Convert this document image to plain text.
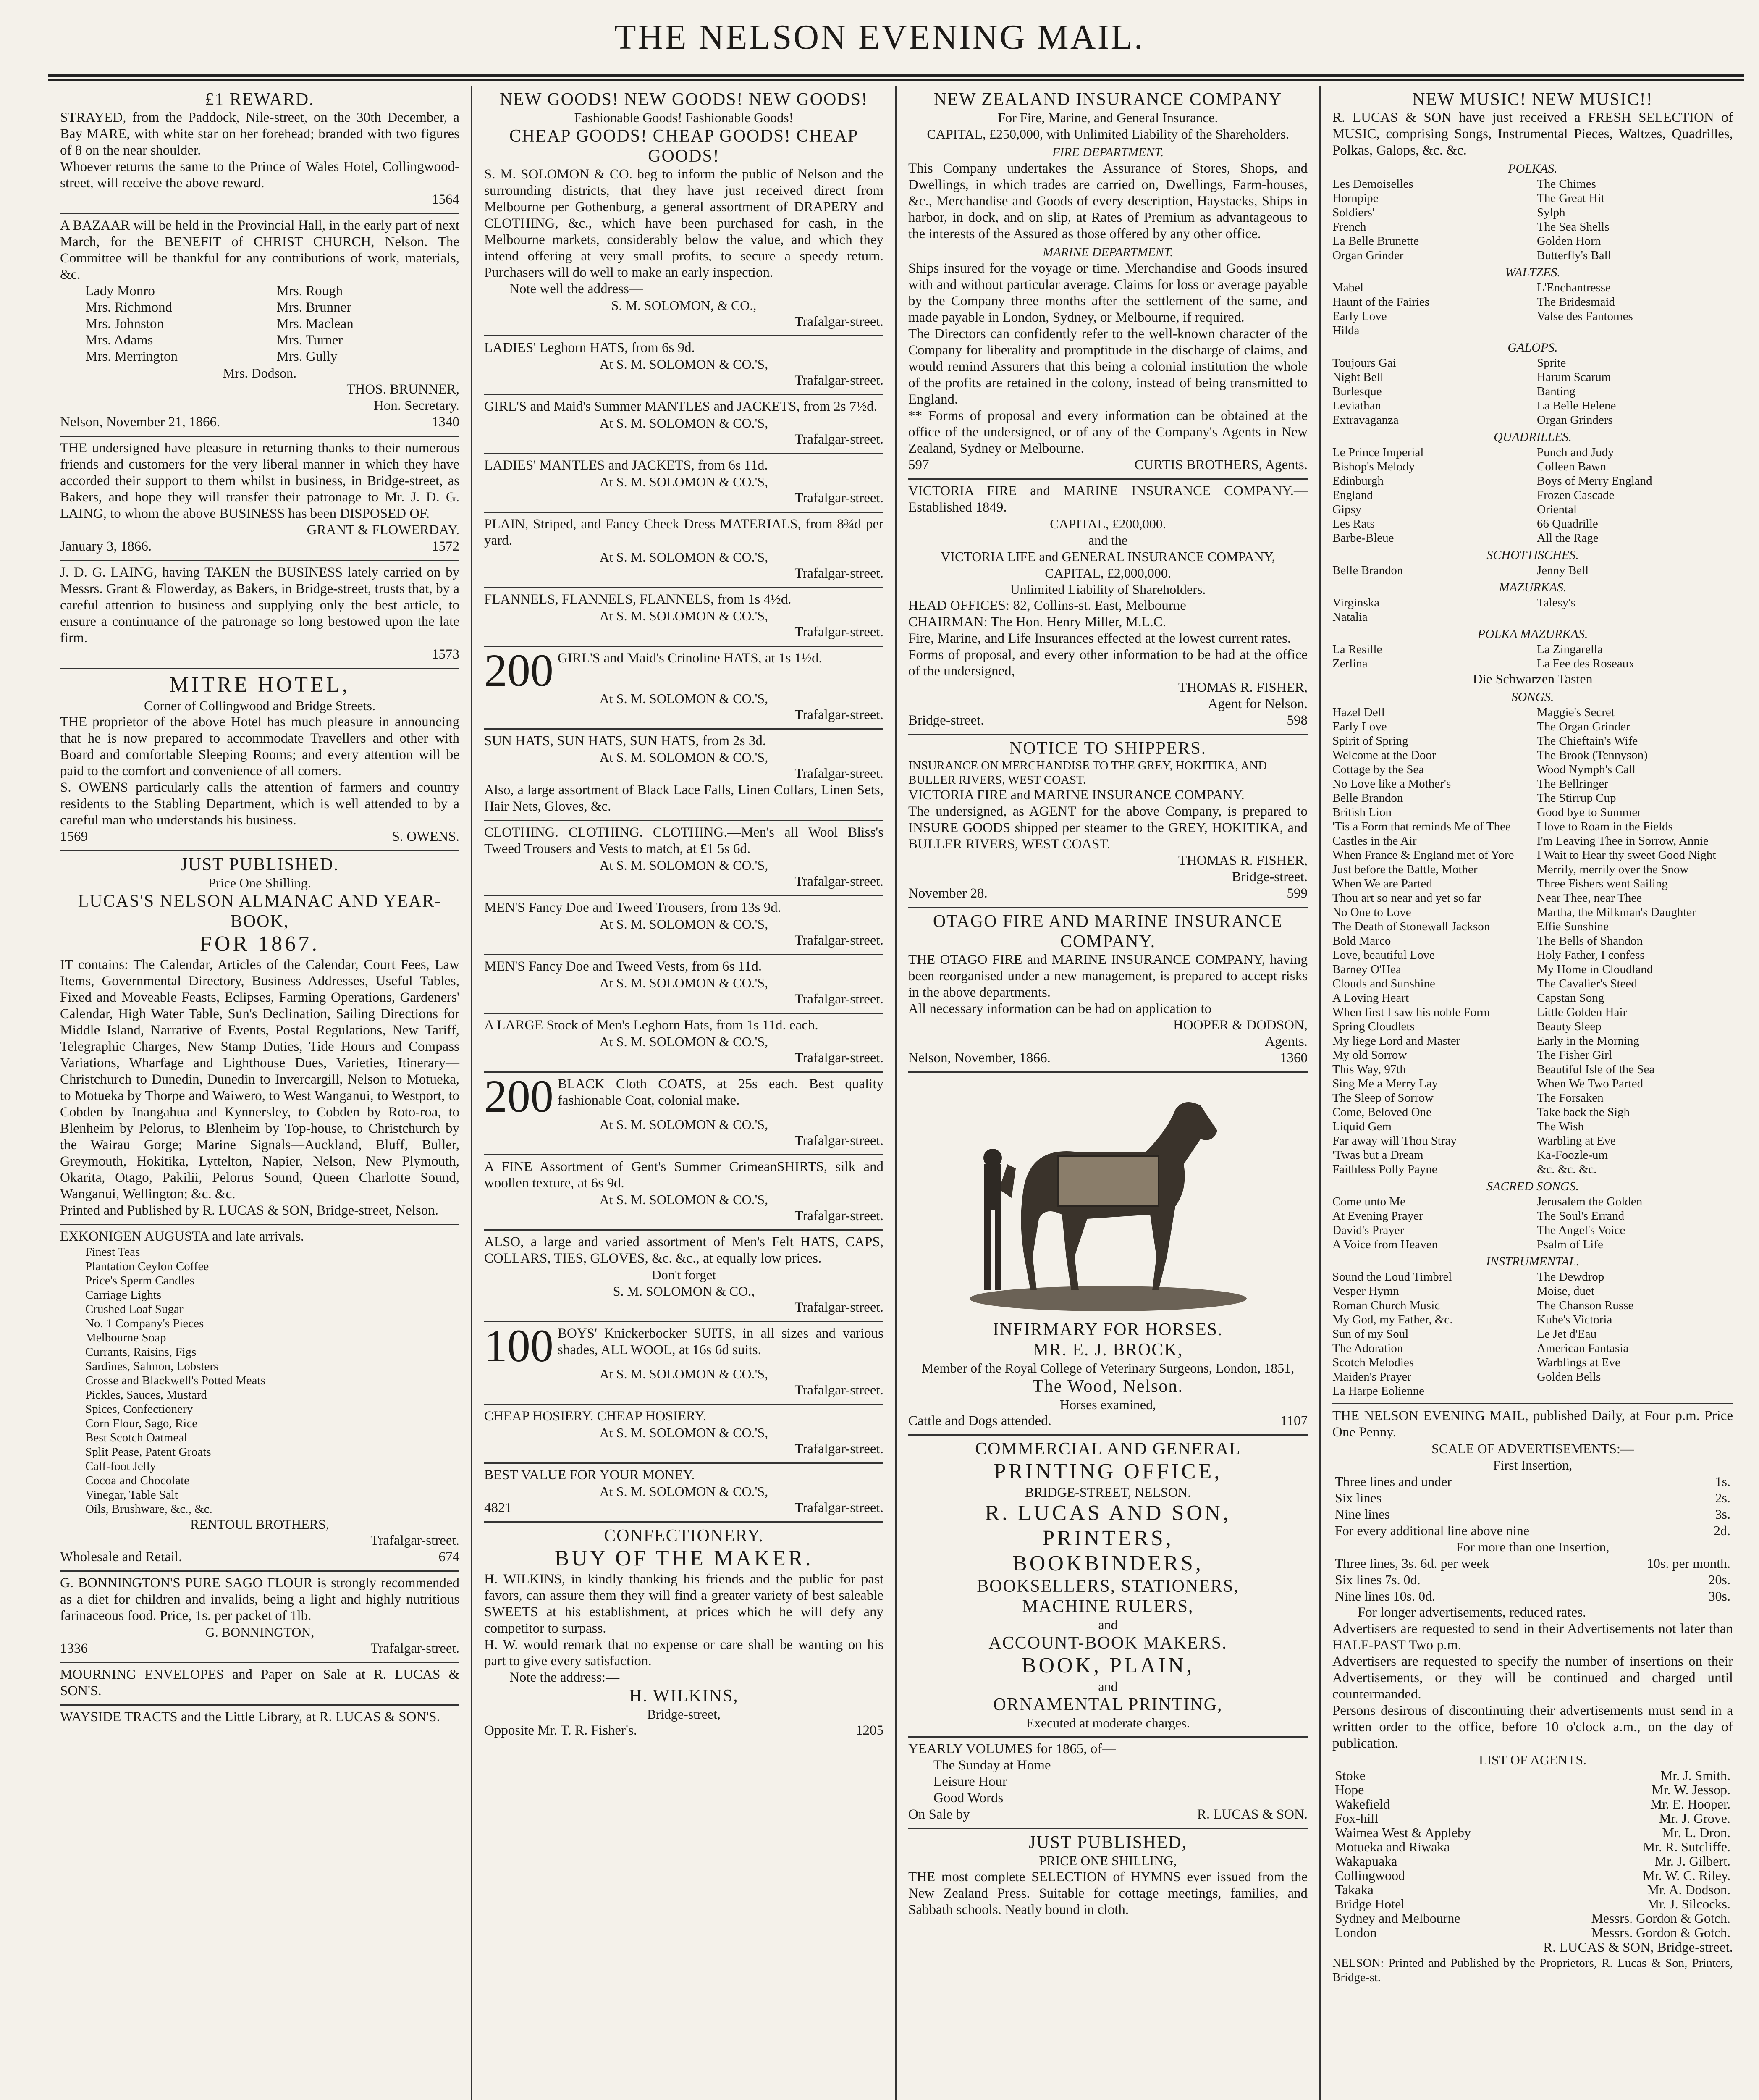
THE NELSON EVENING MAIL.
£1 REWARD.
STRAYED, from the Paddock, Nile-street, on the 30th December, a Bay MARE, with white star on her forehead; branded with two figures of 8 on the near shoulder.
Whoever returns the same to the Prince of Wales Hotel, Collingwood-street, will receive the above reward.
1564
A BAZAAR will be held in the Provincial Hall, in the early part of next March, for the BENEFIT of CHRIST CHURCH, Nelson. The Committee will be thankful for any contributions of work, materials, &c.
Lady Monro	Mrs. Rough
Mrs. Richmond	Mrs. Brunner
Mrs. Johnston	Mrs. Maclean
Mrs. Adams	Mrs. Turner
Mrs. Merrington	Mrs. Gully
Mrs. Dodson.
THOS. BRUNNER,
Hon. Secretary.
Nelson, November 21, 1866.	1340
THE undersigned have pleasure in returning thanks to their numerous friends and customers for the very liberal manner in which they have accorded their support to them whilst in business, in Bridge-street, as Bakers, and hope they will transfer their patronage to Mr. J. D. G. LAING, to whom the above BUSINESS has been DISPOSED OF.
GRANT & FLOWERDAY.
January 3, 1866.	1572
J. D. G. LAING, having TAKEN the BUSINESS lately carried on by Messrs. Grant & Flowerday, as Bakers, in Bridge-street, trusts that, by a careful attention to business and supplying only the best article, to ensure a continuance of the patronage so long bestowed upon the late firm.
1573
MITRE HOTEL,
Corner of Collingwood and Bridge Streets.
THE proprietor of the above Hotel has much pleasure in announcing that he is now prepared to accommodate Travellers and other with Board and comfortable Sleeping Rooms; and every attention will be paid to the comfort and convenience of all comers.
S. OWENS particularly calls the attention of farmers and country residents to the Stabling Department, which is well attended to by a careful man who understands his business.
1569	S. OWENS.
JUST PUBLISHED.
Price One Shilling.
LUCAS'S NELSON ALMANAC AND YEAR-BOOK,
FOR 1867.
IT contains: The Calendar, Articles of the Calendar, Court Fees, Law Items, Governmental Directory, Business Addresses, Useful Tables, Fixed and Moveable Feasts, Eclipses, Farming Operations, Gardeners' Calendar, High Water Table, Sun's Declination, Sailing Directions for Middle Island, Narrative of Events, Postal Regulations, New Tariff, Telegraphic Charges, New Stamp Duties, Tide Hours and Compass Variations, Wharfage and Lighthouse Dues, Varieties, Itinerary—Christchurch to Dunedin, Dunedin to Invercargill, Nelson to Motueka, to Motueka by Thorpe and Waiwero, to West Wanganui, to Westport, to Cobden by Inangahua and Kynnersley, to Cobden by Roto-roa, to Blenheim by Pelorus, to Blenheim by Top-house, to Christchurch by the Wairau Gorge; Marine Signals—Auckland, Bluff, Buller, Greymouth, Hokitika, Lyttelton, Napier, Nelson, New Plymouth, Okarita, Otago, Pakilii, Pelorus Sound, Queen Charlotte Sound, Wanganui, Wellington; &c. &c.
Printed and Published by R. LUCAS & SON, Bridge-street, Nelson.
EXKONIGEN AUGUSTA and late arrivals.
Finest Teas
Plantation Ceylon Coffee
Price's Sperm Candles
Carriage Lights
Crushed Loaf Sugar
No. 1 Company's Pieces
Melbourne Soap
Currants, Raisins, Figs
Sardines, Salmon, Lobsters
Crosse and Blackwell's Potted Meats
Pickles, Sauces, Mustard
Spices, Confectionery
Corn Flour, Sago, Rice
Best Scotch Oatmeal
Split Pease, Patent Groats
Calf-foot Jelly
Cocoa and Chocolate
Vinegar, Table Salt
Oils, Brushware, &c., &c.
RENTOUL BROTHERS,
Trafalgar-street.
Wholesale and Retail.	674
G. BONNINGTON'S PURE SAGO FLOUR is strongly recommended as a diet for children and invalids, being a light and highly nutritious farinaceous food. Price, 1s. per packet of 1lb.
G. BONNINGTON,
1336	Trafalgar-street.
MOURNING ENVELOPES and Paper on Sale at R. LUCAS & SON'S.
WAYSIDE TRACTS and the Little Library, at R. LUCAS & SON'S.
NEW GOODS! NEW GOODS! NEW GOODS!
Fashionable Goods! Fashionable Goods!
CHEAP GOODS! CHEAP GOODS! CHEAP GOODS!
S. M. SOLOMON & CO. beg to inform the public of Nelson and the surrounding districts, that they have just received direct from Melbourne per Gothenburg, a general assortment of DRAPERY and CLOTHING, &c., which have been purchased for cash, in the Melbourne markets, considerably below the value, and which they intend offering at very small profits, to secure a speedy return. Purchasers will do well to make an early inspection.
Note well the address—
S. M. SOLOMON, & CO.,
Trafalgar-street.
LADIES' Leghorn HATS, from 6s 9d.
At S. M. SOLOMON & CO.'S,
Trafalgar-street.
GIRL'S and Maid's Summer MANTLES and JACKETS, from 2s 7½d.
At S. M. SOLOMON & CO.'S,
Trafalgar-street.
LADIES' MANTLES and JACKETS, from 6s 11d.
At S. M. SOLOMON & CO.'S,
Trafalgar-street.
PLAIN, Striped, and Fancy Check Dress MATERIALS, from 8¾d per yard.
At S. M. SOLOMON & CO.'S,
Trafalgar-street.
FLANNELS, FLANNELS, FLANNELS, from 1s 4½d.
At S. M. SOLOMON & CO.'S,
Trafalgar-street.
200 GIRL'S and Maid's Crinoline HATS, at 1s 1½d.
At S. M. SOLOMON & CO.'S,
Trafalgar-street.
SUN HATS, SUN HATS, SUN HATS, from 2s 3d.
At S. M. SOLOMON & CO.'S,
Trafalgar-street.
Also, a large assortment of Black Lace Falls, Linen Collars, Linen Sets, Hair Nets, Gloves, &c.
CLOTHING. CLOTHING. CLOTHING.—Men's all Wool Bliss's Tweed Trousers and Vests to match, at £1 5s 6d.
At S. M. SOLOMON & CO.'S,
Trafalgar-street.
MEN'S Fancy Doe and Tweed Trousers, from 13s 9d.
At S. M. SOLOMON & CO.'S,
Trafalgar-street.
MEN'S Fancy Doe and Tweed Vests, from 6s 11d.
At S. M. SOLOMON & CO.'S,
Trafalgar-street.
A LARGE Stock of Men's Leghorn Hats, from 1s 11d. each.
At S. M. SOLOMON & CO.'S,
Trafalgar-street.
200 BLACK Cloth COATS, at 25s each. Best quality fashionable Coat, colonial make.
At S. M. SOLOMON & CO.'S,
Trafalgar-street.
A FINE Assortment of Gent's Summer CrimeanSHIRTS, silk and woollen texture, at 6s 9d.
At S. M. SOLOMON & CO.'S,
Trafalgar-street.
ALSO, a large and varied assortment of Men's Felt HATS, CAPS, COLLARS, TIES, GLOVES, &c. &c., at equally low prices.
Don't forget
S. M. SOLOMON & CO.,
Trafalgar-street.
100 BOYS' Knickerbocker SUITS, in all sizes and various shades, ALL WOOL, at 16s 6d suits.
At S. M. SOLOMON & CO.'S,
Trafalgar-street.
CHEAP HOSIERY. CHEAP HOSIERY.
At S. M. SOLOMON & CO.'S,
Trafalgar-street.
BEST VALUE FOR YOUR MONEY.
At S. M. SOLOMON & CO.'S,
4821	Trafalgar-street.
CONFECTIONERY.
BUY OF THE MAKER.
H. WILKINS, in kindly thanking his friends and the public for past favors, can assure them they will find a greater variety of best saleable SWEETS at his establishment, at prices which he will defy any competitor to surpass.
H. W. would remark that no expense or care shall be wanting on his part to give every satisfaction.
Note the address:—
H. WILKINS,
Bridge-street,
Opposite Mr. T. R. Fisher's.	1205
NEW ZEALAND INSURANCE COMPANY
For Fire, Marine, and General Insurance.
CAPITAL, £250,000, with Unlimited Liability of the Shareholders.
FIRE DEPARTMENT.
This Company undertakes the Assurance of Stores, Shops, and Dwellings, in which trades are carried on, Dwellings, Farm-houses, &c., Merchandise and Goods of every description, Haystacks, Ships in harbor, in dock, and on slip, at Rates of Premium as advantageous to the interests of the Assured as those offered by any other office.
MARINE DEPARTMENT.
Ships insured for the voyage or time. Merchandise and Goods insured with and without particular average. Claims for loss or average payable by the Company three months after the settlement of the same, and made payable in London, Sydney, or Melbourne, if required.
The Directors can confidently refer to the well-known character of the Company for liberality and promptitude in the discharge of claims, and would remind Assurers that this being a colonial institution the whole of the profits are retained in the colony, instead of being transmitted to England.
** Forms of proposal and every information can be obtained at the office of the undersigned, or of any of the Company's Agents in New Zealand, Sydney or Melbourne.
597	CURTIS BROTHERS, Agents.
VICTORIA FIRE and MARINE INSURANCE COMPANY.—Established 1849.
CAPITAL, £200,000.
and the
VICTORIA LIFE and GENERAL INSURANCE COMPANY,
CAPITAL, £2,000,000.
Unlimited Liability of Shareholders.
HEAD OFFICES: 82, Collins-st. East, Melbourne
CHAIRMAN: The Hon. Henry Miller, M.L.C.
Fire, Marine, and Life Insurances effected at the lowest current rates.
Forms of proposal, and every other information to be had at the office of the undersigned,
THOMAS R. FISHER,
Agent for Nelson.
Bridge-street.	598
NOTICE TO SHIPPERS.
INSURANCE ON MERCHANDISE TO THE GREY, HOKITIKA, AND BULLER RIVERS, WEST COAST.
VICTORIA FIRE and MARINE INSURANCE COMPANY.
The undersigned, as AGENT for the above Company, is prepared to INSURE GOODS shipped per steamer to the GREY, HOKITIKA, and BULLER RIVERS, WEST COAST.
THOMAS R. FISHER,
Bridge-street.
November 28.	599
OTAGO FIRE AND MARINE INSURANCE COMPANY.
THE OTAGO FIRE and MARINE INSURANCE COMPANY, having been reorganised under a new management, is prepared to accept risks in the above departments.
All necessary information can be had on application to
HOOPER & DODSON,
Agents.
Nelson, November, 1866.	1360
INFIRMARY FOR HORSES.
MR. E. J. BROCK,
Member of the Royal College of Veterinary Surgeons, London, 1851,
The Wood, Nelson.
Horses examined,
Cattle and Dogs attended.	1107
COMMERCIAL AND GENERAL
PRINTING OFFICE,
BRIDGE-STREET, NELSON.
R. LUCAS AND SON,
PRINTERS,
BOOKBINDERS,
BOOKSELLERS, STATIONERS,
MACHINE RULERS,
and
ACCOUNT-BOOK MAKERS.
BOOK, PLAIN,
and
ORNAMENTAL PRINTING,
Executed at moderate charges.
YEARLY VOLUMES for 1865, of—
The Sunday at Home
Leisure Hour
Good Words
On Sale by	R. LUCAS & SON.
JUST PUBLISHED,
PRICE ONE SHILLING,
THE most complete SELECTION of HYMNS ever issued from the New Zealand Press. Suitable for cottage meetings, families, and Sabbath schools. Neatly bound in cloth.
NEW MUSIC! NEW MUSIC!!
R. LUCAS & SON have just received a FRESH SELECTION of MUSIC, comprising Songs, Instrumental Pieces, Waltzes, Quadrilles, Polkas, Galops, &c. &c.
POLKAS.
Les Demoiselles	The Chimes
Hornpipe	The Great Hit
Soldiers'	Sylph
French	The Sea Shells
La Belle Brunette	Golden Horn
Organ Grinder	Butterfly's Ball
WALTZES.
Mabel	L'Enchantresse
Haunt of the Fairies	The Bridesmaid
Early Love	Valse des Fantomes
Hilda
GALOPS.
Toujours Gai	Sprite
Night Bell	Harum Scarum
Burlesque	Banting
Leviathan	La Belle Helene
Extravaganza	Organ Grinders
QUADRILLES.
Le Prince Imperial	Punch and Judy
Bishop's Melody	Colleen Bawn
Edinburgh	Boys of Merry England
England	Frozen Cascade
Gipsy	Oriental
Les Rats	66 Quadrille
Barbe-Bleue	All the Rage
SCHOTTISCHES.
Belle Brandon	Jenny Bell
MAZURKAS.
Virginska	Talesy's
Natalia
POLKA MAZURKAS.
La Resille	La Zingarella
Zerlina	La Fee des Roseaux
Die Schwarzen Tasten
SONGS.
Hazel Dell	Maggie's Secret
Early Love	The Organ Grinder
Spirit of Spring	The Chieftain's Wife
Welcome at the Door	The Brook (Tennyson)
Cottage by the Sea	Wood Nymph's Call
No Love like a Mother's	The Bellringer
Belle Brandon	The Stirrup Cup
British Lion	Good bye to Summer
'Tis a Form that reminds Me of Thee	I love to Roam in the Fields
Castles in the Air	I'm Leaving Thee in Sorrow, Annie
When France & England met of Yore	I Wait to Hear thy sweet Good Night
Just before the Battle, Mother	Merrily, merrily over the Snow
When We are Parted	Three Fishers went Sailing
Thou art so near and yet so far	Near Thee, near Thee
No One to Love	Martha, the Milkman's Daughter
The Death of Stonewall Jackson	Effie Sunshine
Bold Marco	The Bells of Shandon
Love, beautiful Love	Holy Father, I confess
Barney O'Hea	My Home in Cloudland
Clouds and Sunshine	The Cavalier's Steed
A Loving Heart	Capstan Song
When first I saw his noble Form	Little Golden Hair
Spring Cloudlets	Beauty Sleep
My liege Lord and Master	Early in the Morning
My old Sorrow	The Fisher Girl
This Way, 97th	Beautiful Isle of the Sea
Sing Me a Merry Lay	When We Two Parted
The Sleep of Sorrow	The Forsaken
Come, Beloved One	Take back the Sigh
Liquid Gem	The Wish
Far away will Thou Stray	Warbling at Eve
'Twas but a Dream	Ka-Foozle-um
Faithless Polly Payne	&c. &c. &c.
SACRED SONGS.
Come unto Me	Jerusalem the Golden
At Evening Prayer	The Soul's Errand
David's Prayer	The Angel's Voice
A Voice from Heaven	Psalm of Life
INSTRUMENTAL.
Sound the Loud Timbrel	The Dewdrop
Vesper Hymn	Moise, duet
Roman Church Music	The Chanson Russe
My God, my Father, &c.	Kuhe's Victoria
Sun of my Soul	Le Jet d'Eau
The Adoration	American Fantasia
Scotch Melodies	Warblings at Eve
Maiden's Prayer	Golden Bells
La Harpe Eolienne
THE NELSON EVENING MAIL, published Daily, at Four p.m. Price One Penny.
SCALE OF ADVERTISEMENTS:—
First Insertion,
Three lines and under	1s.
Six lines	2s.
Nine lines	3s.
For every additional line above nine	2d.
For more than one Insertion,
Three lines, 3s. 6d. per week	10s. per month.
Six lines 7s. 0d.	20s.
Nine lines 10s. 0d.	30s.
For longer advertisements, reduced rates.
Advertisers are requested to send in their Advertisements not later than HALF-PAST Two p.m.
Advertisers are requested to specify the number of insertions on their Advertisements, or they will be continued and charged until countermanded.
Persons desirous of discontinuing their advertisements must send in a written order to the office, before 10 o'clock a.m., on the day of publication.
LIST OF AGENTS.
Stoke	Mr. J. Smith.
Hope	Mr. W. Jessop.
Wakefield	Mr. E. Hooper.
Fox-hill	Mr. J. Grove.
Waimea West & Appleby	Mr. L. Dron.
Motueka and Riwaka	Mr. R. Sutcliffe.
Wakapuaka	Mr. J. Gilbert.
Collingwood	Mr. W. C. Riley.
Takaka	Mr. A. Dodson.
Bridge Hotel	Mr. J. Silcocks.
Sydney and Melbourne	Messrs. Gordon & Gotch.
London	Messrs. Gordon & Gotch.
R. LUCAS & SON, Bridge-street.
NELSON: Printed and Published by the Proprietors, R. Lucas & Son, Printers, Bridge-st.
